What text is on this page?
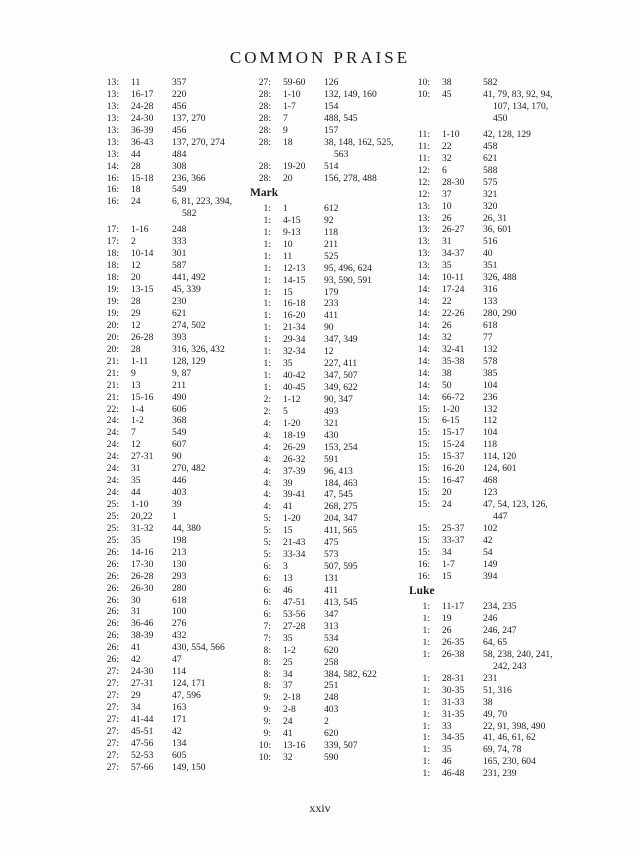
COMMON PRAISE
13: 11	357
13: 16-17 220
13: 24-28 456
13: 24-30 137, 270
13: 36-39 456
13: 36-43 137, 270, 274
13: 44	484
14: 28	308
16: 15-18 236, 366
16: 18	549
16: 24	6, 81, 223, 394,
582
17: 1-16 248
17: 2	333
18: 10-14 301
18: 12	587
18: 20	441, 492
19: 13-15 45, 339
19: 28	230
19: 29	621
20: 12	274, 502
20: 26-28 393
20: 28	316, 326, 432
21: 1-11 128, 129
21: 9	9, 87
21: 13	211
21: 15-16 490
22: 1-4	606
24: 1-2	368
24: 7	549
24: 12	607
24: 27-31 90
24: 31	270, 482
24: 35	446
24: 44	403
25: 1-10 39
25: 20,22 1
25: 31-32 44, 380
25: 35	198
26: 14-16 213
26: 17-30 130
26: 26-28 293
26: 26-30 280
26: 30	618
26: 31	100
26: 36-46 276
26: 38-39 432
26: 41	430, 554, 566
26: 42	47
27: 24-30 114
27: 27-31 124, 171
27: 29	47, 596
27: 34	163
27: 41-44 171
27: 45-51 42
27: 47-56 134
27: 52-53 605
27: 57-66 149, 150
27: 59-60 126
28: 1-10 132, 149, 160
28: 1-7	154
28: 7	488, 545
28: 9	157
28: 18	38, 148, 162, 525,
563
28: 19-20 514
28: 20	156, 278, 488
Mark
1: 1	612
1: 4-15 92
1: 9-13 118
1: 10	211
1: 11	525
1: 12-13 95, 496, 624
1: 14-15 93, 590, 591
1: 15	179
1: 16-18 233
1: 16-20 411
1: 21-34 90
1: 29-34 347, 349
1: 32-34 12
1: 35	227, 411
1: 40-42 347, 507
1: 40-45 349, 622
2: 1-12 90, 347
2: 5	493
4: 1-20 321
4: 18-19 430
4: 26-29 153, 254
4: 26-32 591
4: 37-39 96, 413
4: 39	184, 463
4: 39-41 47, 545
4: 41	268, 275
5: 1-20 204, 347
5: 15	411, 565
5: 21-43 475
5: 33-34 573
6: 3	507, 595
6: 13	131
6: 46	411
6: 47-51 413, 545
6: 53-56 347
7: 27-28 313
7: 35	534
8: 1-2	620
8: 25	258
8: 34	384, 582, 622
8: 37	251
9: 2-18 248
9: 2-8	403
9: 24	2
9: 41	620
10: 13-16 339, 507
10: 32	590
10: 38	582
10: 45	41, 79, 83, 92, 94,
107, 134, 170,
450
11: 1-10 42, 128, 129
11: 22	458
11: 32	621
12: 6	588
12: 28-30 575
12: 37	321
13: 10	320
13: 26	26, 31
13: 26-27 36, 601
13: 31	516
13: 34-37 40
13: 35	351
14: 10-11 326, 488
14: 17-24 316
14: 22	133
14: 22-26 280, 290
14: 26	618
14: 32	77
14: 32-41 132
14: 35-38 578
14: 38	385
14: 50	104
14: 66-72 236
15: 1-20 132
15: 6-15 112
15: 15-17 104
15: 15-24 118
15: 15-37 114, 120
15: 16-20 124, 601
15: 16-47 468
15: 20	123
15: 24	47, 54, 123, 126,
447
15: 25-37 102
15: 33-37 42
15: 34	54
16: 1-7	149
16: 15	394
Luke
1: 11-17 234, 235
1: 19	246
1: 26	246, 247
1: 26-35 64, 65
1: 26-38 58, 238, 240, 241,
242, 243
1: 28-31 231
1: 30-35 51, 316
1: 31-33 38
1: 31-35 49, 70
1: 33	22, 91, 398, 490
1: 34-35 41, 46, 61, 62
1: 35	69, 74, 78
1: 46	165, 230, 604
1: 46-48 231, 239
xxiv
